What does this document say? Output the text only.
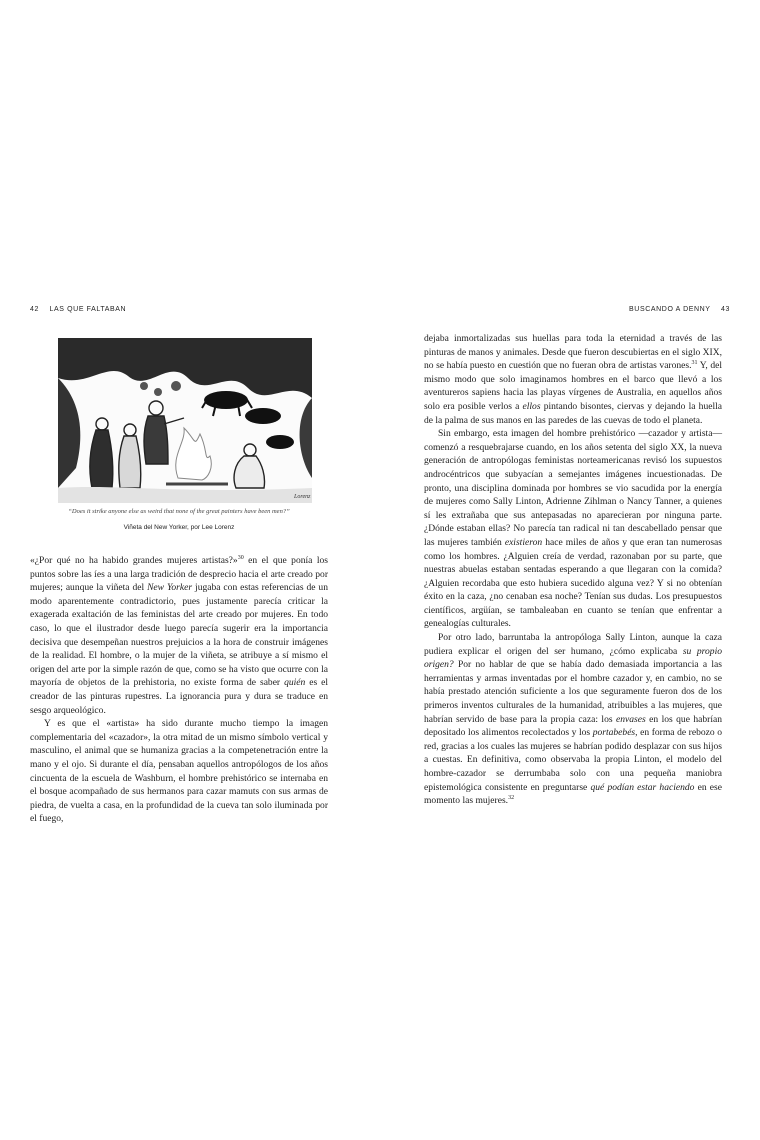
42 LAS QUE FALTABAN	BUSCANDO A DENNY 43
Lorenz
“Does it strike anyone else as weird that none of the great painters have been men?”
Viñeta del New Yorker, por Lee Lorenz

«¿Por qué no ha habido grandes mujeres artistas?»$^{30}$ en el que ponía los puntos sobre las íes a una larga tradición de desprecio hacia el arte creado por mujeres; aunque la viñeta del New Yorker jugaba con estas referencias de un modo aparentemente contradictorio, pues justamente parecía criticar la exagerada exaltación de las feministas del arte creado por mujeres. En todo caso, lo que el ilustrador desde luego parecía sugerir era la importancia decisiva que desempeñan nuestros prejuicios a la hora de construir imágenes de la realidad. El hombre, o la mujer de la viñeta, se atribuye a sí mismo el origen del arte por la simple razón de que, como se ha visto que ocurre con la mayoría de objetos de la prehistoria, no existe forma de saber quién es el creador de las pinturas rupestres. La ignorancia pura y dura se traduce en sesgo arqueológico.

Y es que el «artista» ha sido durante mucho tiempo la imagen complementaria del «cazador», la otra mitad de un mismo símbolo vertical y masculino, el animal que se humaniza gracias a la competenetración entre la mano y el ojo. Si durante el día, pensaban aquellos antropólogos de los años cincuenta de la escuela de Washburn, el hombre prehistórico se internaba en el bosque acompañado de sus hermanos para cazar mamuts con sus armas de piedra, de vuelta a casa, en la profundidad de la cueva tan solo iluminada por el fuego,

dejaba inmortalizadas sus huellas para toda la eternidad a través de las pinturas de manos y animales. Desde que fueron descubiertas en el siglo XIX, no se había puesto en cuestión que no fueran obra de artistas varones.$^{31}$ Y, del mismo modo que solo imaginamos hombres en el barco que llevó a los aventureros sapiens hacia las playas vírgenes de Australia, en aquellos años solo era posible verlos a ellos pintando bisontes, ciervas y dejando la huella de la palma de sus manos en las paredes de las cuevas de todo el planeta.

Sin embargo, esta imagen del hombre prehistórico —cazador y artista— comenzó a resquebrajarse cuando, en los años setenta del siglo XX, la nueva generación de antropólogas feministas norteamericanas revisó los supuestos androcéntricos que subyacían a semejantes imágenes incuestionadas. De pronto, una disciplina dominada por hombres se vio sacudida por la energía de mujeres como Sally Linton, Adrienne Zihlman o Nancy Tanner, a quienes sí les extrañaba que sus antepasadas no aparecieran por ninguna parte. ¿Dónde estaban ellas? No parecía tan radical ni tan descabellado pensar que las mujeres también existieron hace miles de años y que eran tan numerosas como los hombres. ¿Alguien creía de verdad, razonaban por su parte, que nuestras abuelas estaban sentadas esperando a que llegaran con la comida? ¿Alguien recordaba que esto hubiera sucedido alguna vez? Y si no obtenían éxito en la caza, ¿no cenaban esa noche? Tenían sus dudas. Los presupuestos científicos, argüían, se tambaleaban en cuanto se tenían que enfrentar a genealogías culturales.

Por otro lado, barruntaba la antropóloga Sally Linton, aunque la caza pudiera explicar el origen del ser humano, ¿cómo explicaba su propio origen? Por no hablar de que se había dado demasiada importancia a las herramientas y armas inventadas por el hombre cazador y, en cambio, no se había prestado atención suficiente a los que seguramente fueron dos de los primeros inventos culturales de la humanidad, atribuibles a las mujeres, que habrían servido de base para la propia caza: los envases en los que habrían depositado los alimentos recolectados y los portabebés, en forma de rebozo o red, gracias a los cuales las mujeres se habrían podido desplazar con sus hijos a cuestas. En definitiva, como observaba la propia Linton, el modelo del hombre-cazador se derrumbaba solo con una pequeña maniobra epistemológica consistente en preguntarse qué podían estar haciendo en ese momento las mujeres.$^{32}$
